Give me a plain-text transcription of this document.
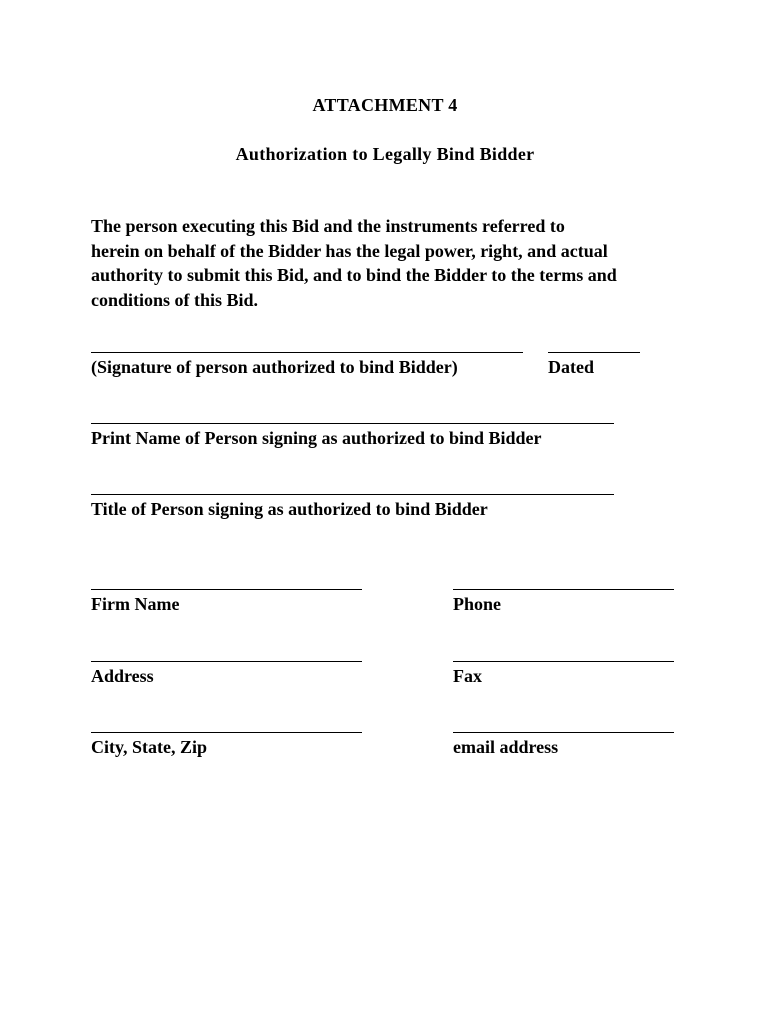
ATTACHMENT 4
Authorization to Legally Bind Bidder
The person executing this Bid and the instruments referred to
herein on behalf of the Bidder has the legal power, right, and actual
authority to submit this Bid, and to bind the Bidder to the terms and
conditions of this Bid.
(Signature of person authorized to bind Bidder)	Dated
Print Name of Person signing as authorized to bind Bidder
Title of Person signing as authorized to bind Bidder
Firm Name	Phone
Address	Fax
City, State, Zip	email address
